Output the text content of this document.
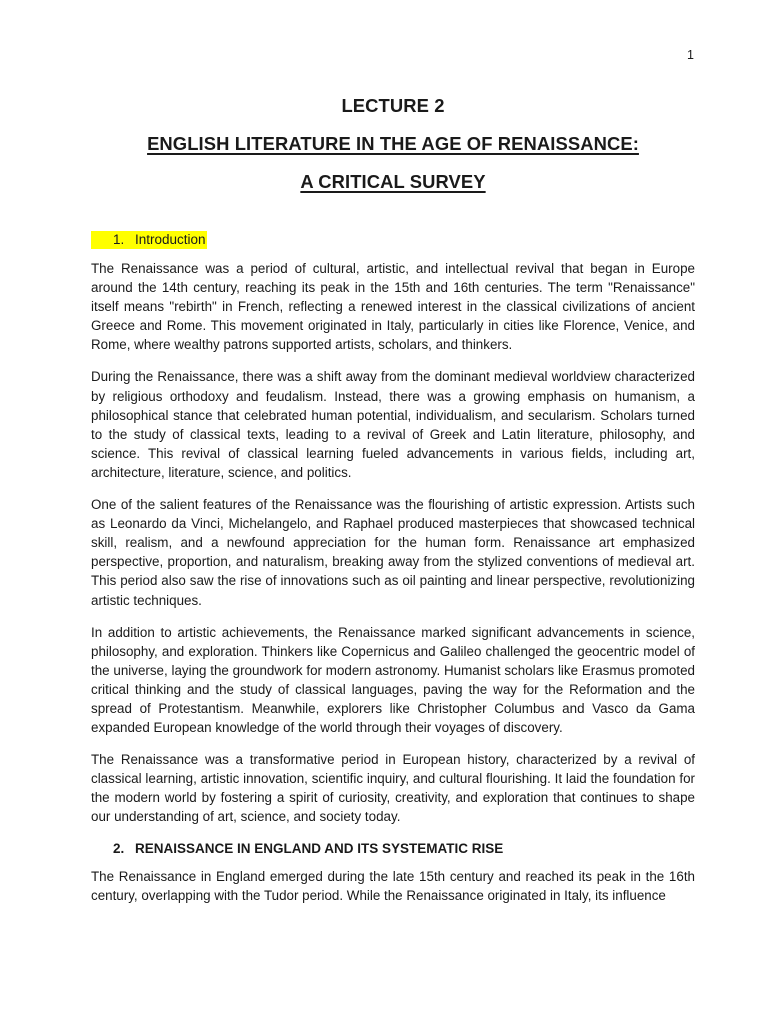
1
LECTURE 2
ENGLISH LITERATURE IN THE AGE OF RENAISSANCE:
A CRITICAL SURVEY
1. Introduction

The Renaissance was a period of cultural, artistic, and intellectual revival that began in Europe around the 14th century, reaching its peak in the 15th and 16th centuries. The term "Renaissance" itself means "rebirth" in French, reflecting a renewed interest in the classical civilizations of ancient Greece and Rome. This movement originated in Italy, particularly in cities like Florence, Venice, and Rome, where wealthy patrons supported artists, scholars, and thinkers.

During the Renaissance, there was a shift away from the dominant medieval worldview characterized by religious orthodoxy and feudalism. Instead, there was a growing emphasis on humanism, a philosophical stance that celebrated human potential, individualism, and secularism. Scholars turned to the study of classical texts, leading to a revival of Greek and Latin literature, philosophy, and science. This revival of classical learning fueled advancements in various fields, including art, architecture, literature, science, and politics.

One of the salient features of the Renaissance was the flourishing of artistic expression. Artists such as Leonardo da Vinci, Michelangelo, and Raphael produced masterpieces that showcased technical skill, realism, and a newfound appreciation for the human form. Renaissance art emphasized perspective, proportion, and naturalism, breaking away from the stylized conventions of medieval art. This period also saw the rise of innovations such as oil painting and linear perspective, revolutionizing artistic techniques.

In addition to artistic achievements, the Renaissance marked significant advancements in science, philosophy, and exploration. Thinkers like Copernicus and Galileo challenged the geocentric model of the universe, laying the groundwork for modern astronomy. Humanist scholars like Erasmus promoted critical thinking and the study of classical languages, paving the way for the Reformation and the spread of Protestantism. Meanwhile, explorers like Christopher Columbus and Vasco da Gama expanded European knowledge of the world through their voyages of discovery.

The Renaissance was a transformative period in European history, characterized by a revival of classical learning, artistic innovation, scientific inquiry, and cultural flourishing. It laid the foundation for the modern world by fostering a spirit of curiosity, creativity, and exploration that continues to shape our understanding of art, science, and society today.

2. RENAISSANCE IN ENGLAND AND ITS SYSTEMATIC RISE

The Renaissance in England emerged during the late 15th century and reached its peak in the 16th century, overlapping with the Tudor period. While the Renaissance originated in Italy, its influence
